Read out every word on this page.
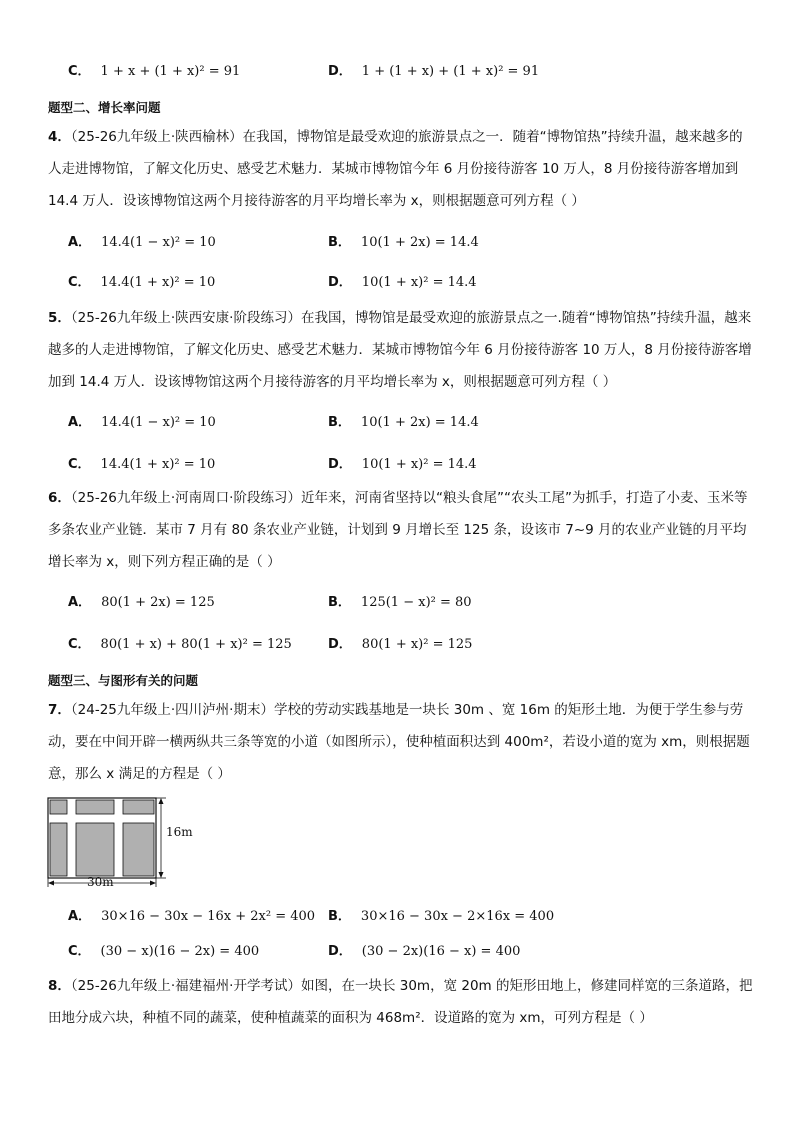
C． 1 + x + (1 + x)² = 91	D． 1 + (1 + x) + (1 + x)² = 91
题型二、增长率问题
4．（25-26九年级上·陕西榆林）在我国，博物馆是最受欢迎的旅游景点之一．随着“博物馆热”持续升温，越来越多的人走进博物馆，了解文化历史、感受艺术魅力．某城市博物馆今年 6 月份接待游客 10 万人，8 月份接待游客增加到 14.4 万人．设该博物馆这两个月接待游客的月平均增长率为 x，则根据题意可列方程（ ）
A． 14.4(1 − x)² = 10	B． 10(1 + 2x) = 14.4
C． 14.4(1 + x)² = 10	D． 10(1 + x)² = 14.4
5．（25-26九年级上·陕西安康·阶段练习）在我国，博物馆是最受欢迎的旅游景点之一.随着“博物馆热”持续升温，越来越多的人走进博物馆，了解文化历史、感受艺术魅力．某城市博物馆今年 6 月份接待游客 10 万人，8 月份接待游客增加到 14.4 万人．设该博物馆这两个月接待游客的月平均增长率为 x，则根据题意可列方程（ ）
A． 14.4(1 − x)² = 10	B． 10(1 + 2x) = 14.4
C． 14.4(1 + x)² = 10	D． 10(1 + x)² = 14.4
6．（25-26九年级上·河南周口·阶段练习）近年来，河南省坚持以“粮头食尾”“农头工尾”为抓手，打造了小麦、玉米等多条农业产业链．某市 7 月有 80 条农业产业链，计划到 9 月增长至 125 条，设该市 7~9 月的农业产业链的月平均增长率为 x，则下列方程正确的是（ ）
A． 80(1 + 2x) = 125	B． 125(1 − x)² = 80
C． 80(1 + x) + 80(1 + x)² = 125	D． 80(1 + x)² = 125
题型三、与图形有关的问题
7．（24-25九年级上·四川泸州·期末）学校的劳动实践基地是一块长 30m 、宽 16m 的矩形土地．为便于学生参与劳动，要在中间开辟一横两纵共三条等宽的小道（如图所示），使种植面积达到 400m²，若设小道的宽为 xm，则根据题意，那么 x 满足的方程是（ ）
16m
30m
A． 30×16 − 30x − 16x + 2x² = 400 B． 30×16 − 30x − 2×16x = 400
C． (30 − x)(16 − 2x) = 400	D． (30 − 2x)(16 − x) = 400
8．（25-26九年级上·福建福州·开学考试）如图，在一块长 30m，宽 20m 的矩形田地上，修建同样宽的三条道路，把田地分成六块，种植不同的蔬菜，使种植蔬菜的面积为 468m²．设道路的宽为 xm，可列方程是（ ）
